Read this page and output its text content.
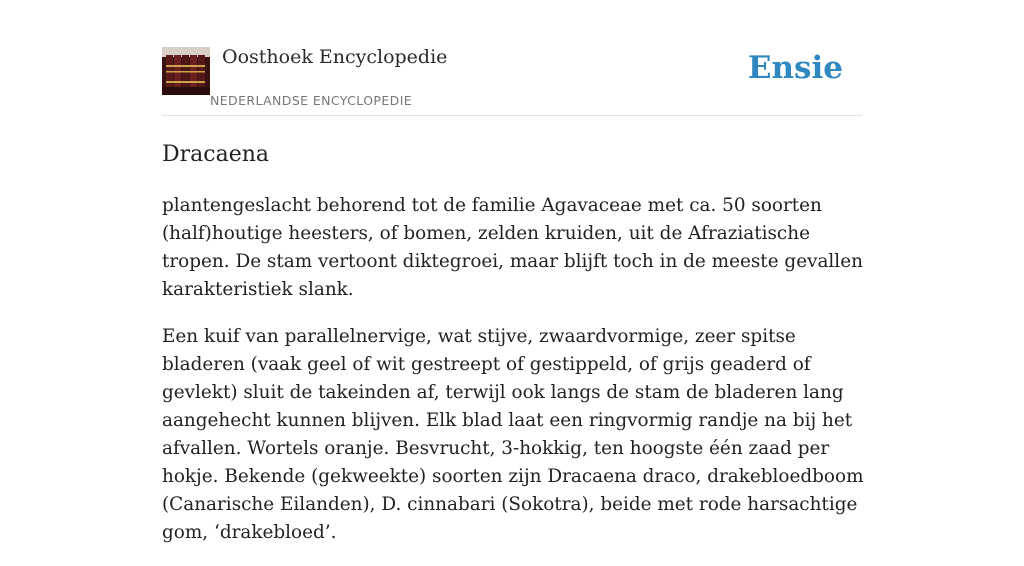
Oosthoek Encyclopedie
NEDERLANDSE ENCYCLOPEDIE
Ensie
Dracaena

plantengeslacht behorend tot de familie Agavaceae met ca. 50 soorten (half)houtige heesters, of bomen, zelden kruiden, uit de Afraziatische tropen. De stam vertoont diktegroei, maar blijft toch in de meeste gevallen karakteristiek slank.

Een kuif van parallelnervige, wat stijve, zwaardvormige, zeer spitse bladeren (vaak geel of wit gestreept of gestippeld, of grijs geaderd of gevlekt) sluit de takeinden af, terwijl ook langs de stam de bladeren lang aangehecht kunnen blijven. Elk blad laat een ringvormig randje na bij het afvallen. Wortels oranje. Besvrucht, 3-hokkig, ten hoogste één zaad per hokje. Bekende (gekweekte) soorten zijn Dracaena draco, drakebloedboom (Canarische Eilanden), D. cinnabari (Sokotra), beide met rode harsachtige gom, ‘drakebloed’.
